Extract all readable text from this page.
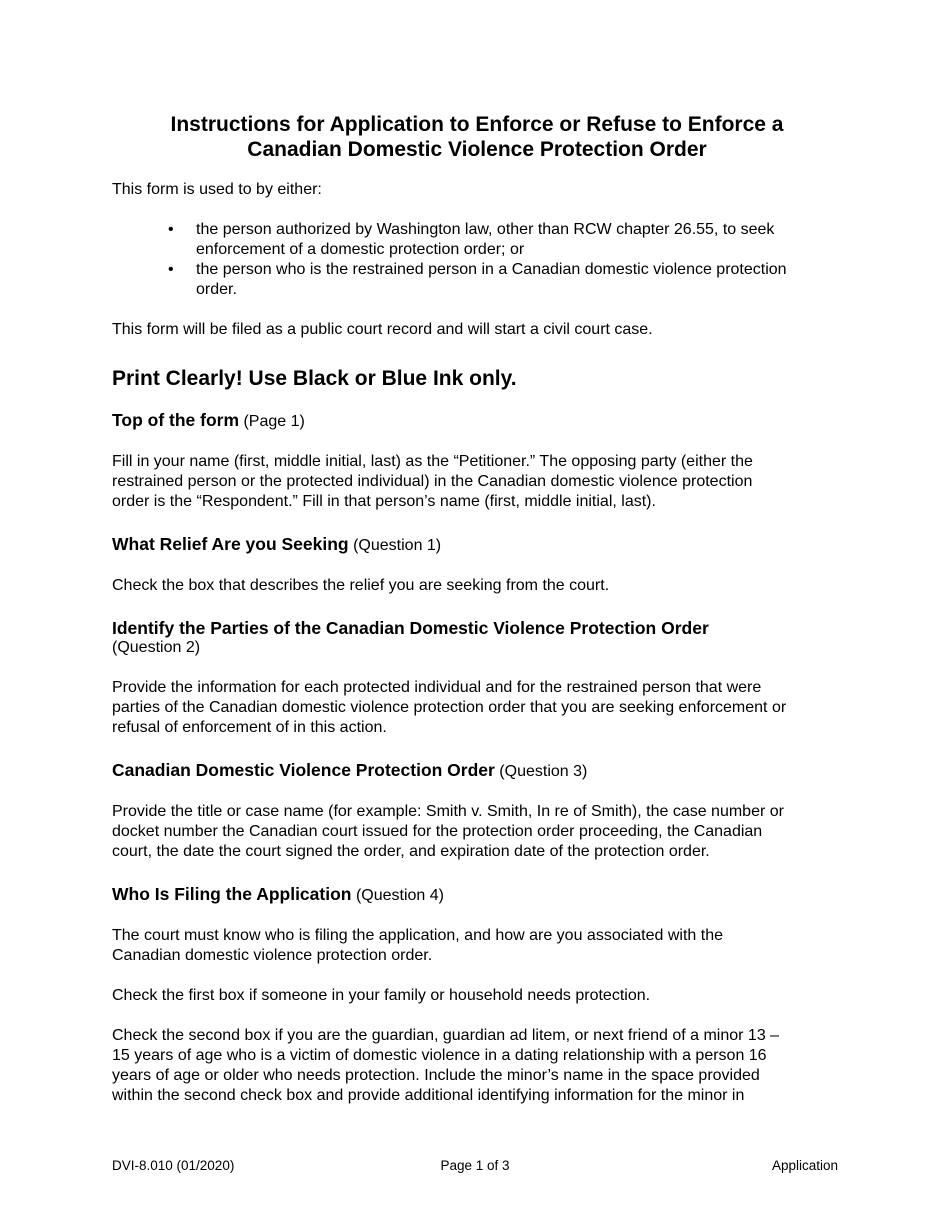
Instructions for Application to Enforce or Refuse to Enforce a
Canadian Domestic Violence Protection Order

This form is used to by either:

• the person authorized by Washington law, other than RCW chapter 26.55, to seek
enforcement of a domestic protection order; or
• the person who is the restrained person in a Canadian domestic violence protection
order.

This form will be filed as a public court record and will start a civil court case.

Print Clearly! Use Black or Blue Ink only.
Top of the form (Page 1)

Fill in your name (first, middle initial, last) as the “Petitioner.” The opposing party (either the

restrained person or the protected individual) in the Canadian domestic violence protection

order is the “Respondent.” Fill in that person’s name (first, middle initial, last).

What Relief Are you Seeking (Question 1)

Check the box that describes the relief you are seeking from the court.

Identify the Parties of the Canadian Domestic Violence Protection Order
(Question 2)

Provide the information for each protected individual and for the restrained person that were

parties of the Canadian domestic violence protection order that you are seeking enforcement or

refusal of enforcement of in this action.

Canadian Domestic Violence Protection Order (Question 3)

Provide the title or case name (for example: Smith v. Smith, In re of Smith), the case number or

docket number the Canadian court issued for the protection order proceeding, the Canadian

court, the date the court signed the order, and expiration date of the protection order.

Who Is Filing the Application (Question 4)

The court must know who is filing the application, and how are you associated with the

Canadian domestic violence protection order.

Check the first box if someone in your family or household needs protection.

Check the second box if you are the guardian, guardian ad litem, or next friend of a minor 13 –

15 years of age who is a victim of domestic violence in a dating relationship with a person 16

years of age or older who needs protection. Include the minor’s name in the space provided

within the second check box and provide additional identifying information for the minor in

DVI-8.010 (01/2020)	Page 1 of 3	Application
